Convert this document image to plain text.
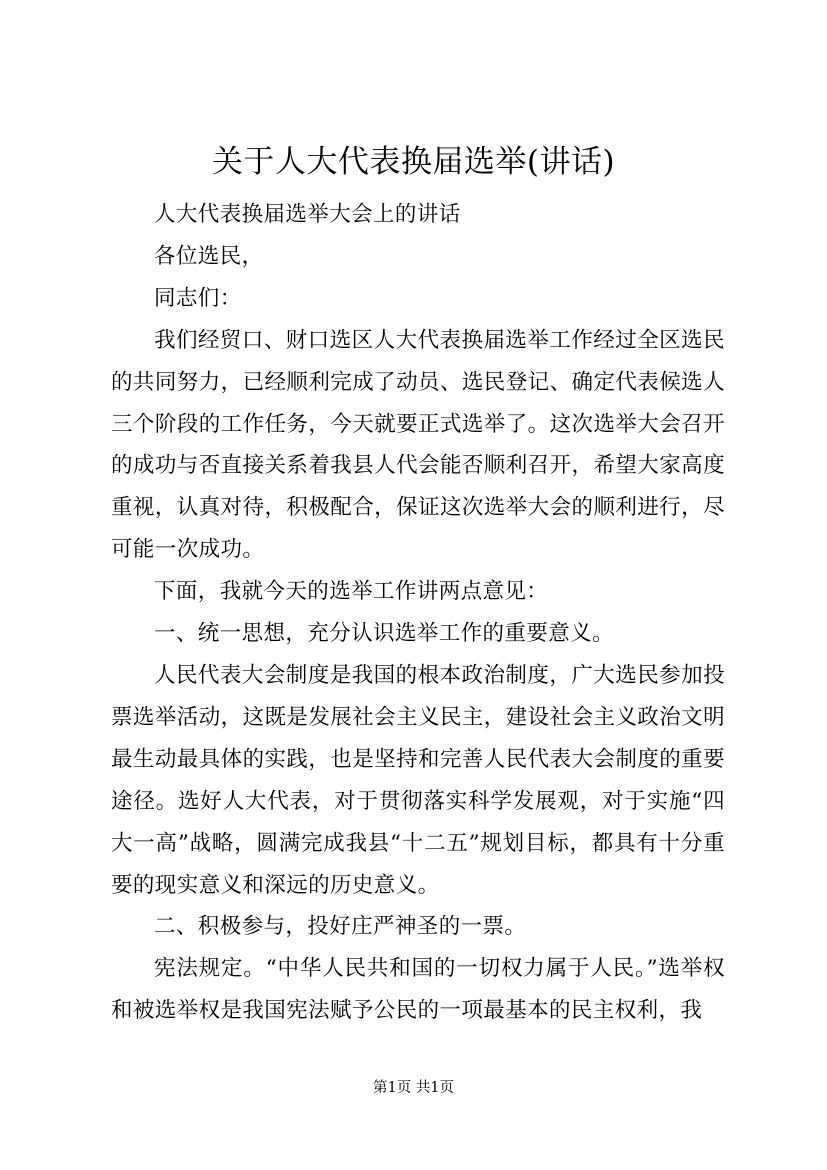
关于人大代表换届选举(讲话)

人大代表换届选举大会上的讲话

各位选民，

同志们：

我们经贸口、财口选区人大代表换届选举工作经过全区选民的共同努力，已经顺利完成了动员、选民登记、确定代表候选人三个阶段的工作任务，今天就要正式选举了。这次选举大会召开的成功与否直接关系着我县人代会能否顺利召开，希望大家高度重视，认真对待，积极配合，保证这次选举大会的顺利进行，尽可能一次成功。

下面，我就今天的选举工作讲两点意见：

一、统一思想，充分认识选举工作的重要意义。

人民代表大会制度是我国的根本政治制度，广大选民参加投票选举活动，这既是发展社会主义民主，建设社会主义政治文明最生动最具体的实践，也是坚持和完善人民代表大会制度的重要途径。选好人大代表，对于贯彻落实科学发展观，对于实施“四大一高”战略，圆满完成我县“十二五”规划目标，都具有十分重要的现实意义和深远的历史意义。

二、积极参与，投好庄严神圣的一票。

宪法规定。“中华人民共和国的一切权力属于人民。”选举权和被选举权是我国宪法赋予公民的一项最基本的民主权利，我

第1页 共1页
